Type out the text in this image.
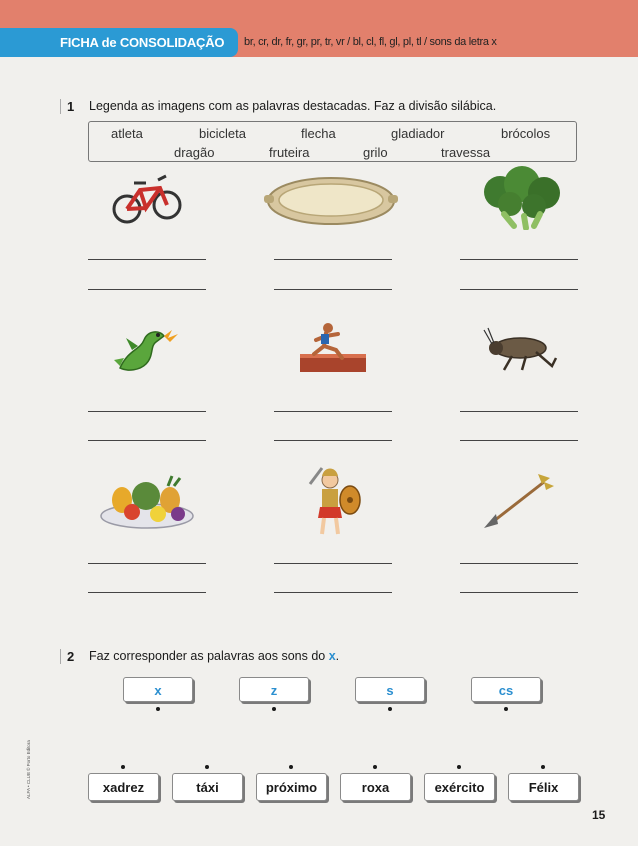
FICHA de CONSOLIDAÇÃO	br, cr, dr, fr, gr, pr, tr, vr / bl, cl, fl, gl, pl, tl / sons da letra x
1 Legenda as imagens com as palavras destacadas. Faz a divisão silábica.
atleta	bicicleta	flecha	gladiador	brócolos
dragão	fruteira	grilo	travessa
2 Faz corresponder as palavras aos sons do x.
x	z	s	cs
xadrez	táxi	próximo	roxa	exército	Félix
ALFA • CLUB © Porto Editora
15
